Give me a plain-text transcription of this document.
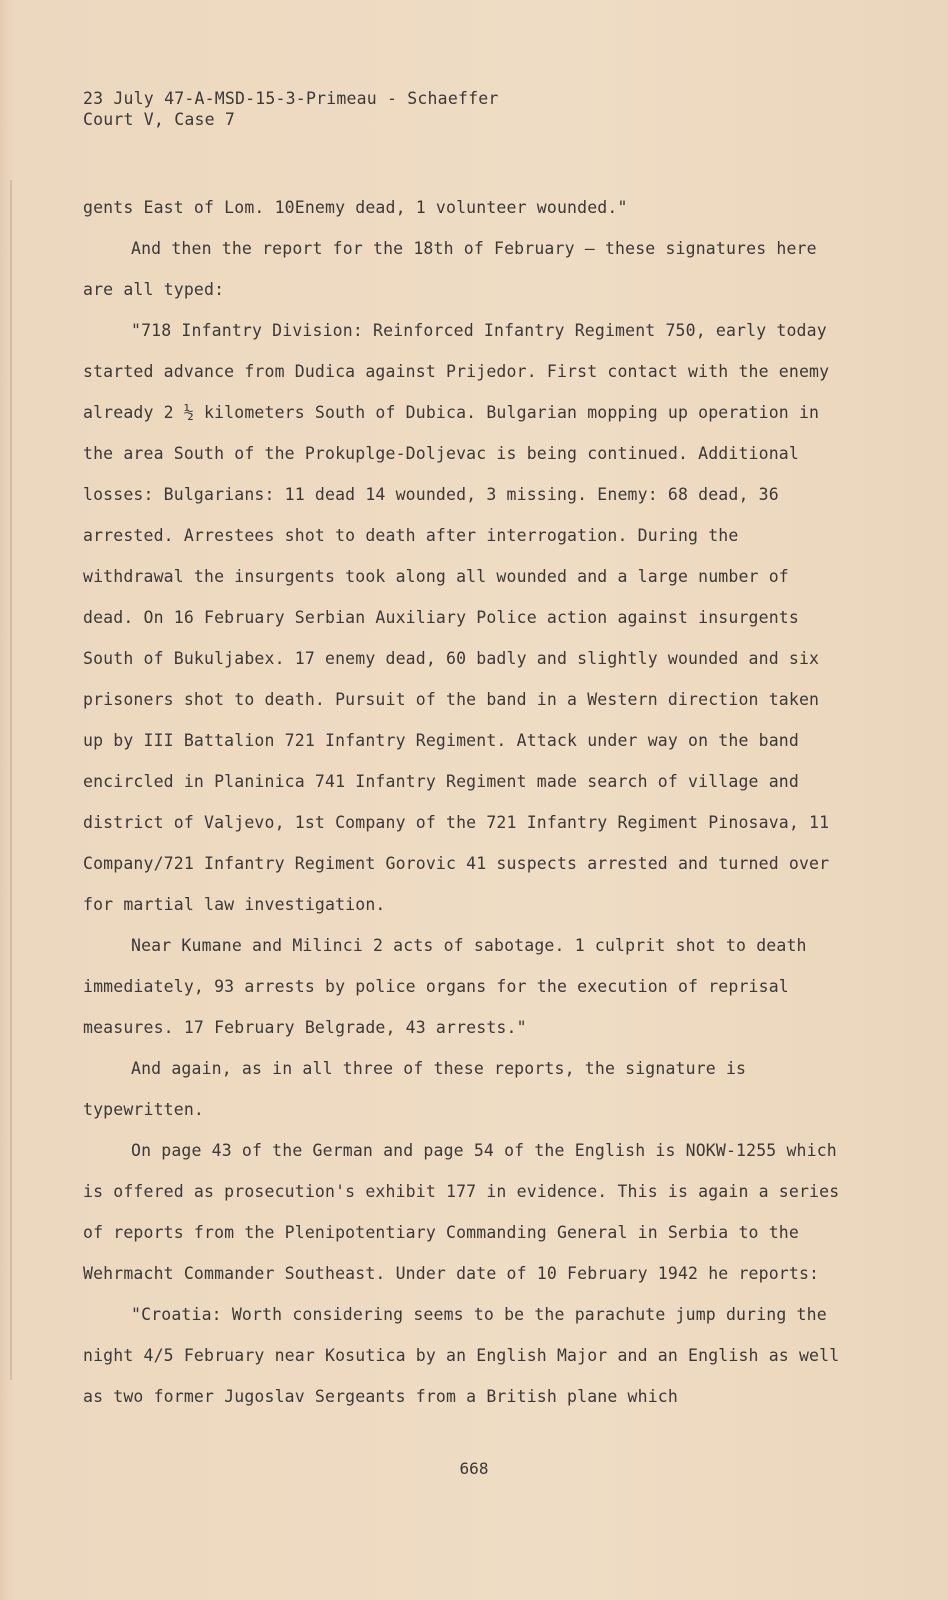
23 July 47-A-MSD-15-3-Primeau - Schaeffer
Court V, Case 7

gents East of Lom. 10Enemy dead, 1 volunteer wounded."

And then the report for the 18th of February — these signatures here are all typed:

"718 Infantry Division: Reinforced Infantry Regiment 750, early today started advance from Dudica against Prijedor. First contact with the enemy already 2 ½ kilometers South of Dubica. Bulgarian mopping up operation in the area South of the Prokuplge-Doljevac is being continued. Additional losses: Bulgarians: 11 dead 14 wounded, 3 missing. Enemy: 68 dead, 36 arrested. Arrestees shot to death after interrogation. During the withdrawal the insurgents took along all wounded and a large number of dead. On 16 February Serbian Auxiliary Police action against insurgents South of Bukuljabex. 17 enemy dead, 60 badly and slightly wounded and six prisoners shot to death. Pursuit of the band in a Western direction taken up by III Battalion 721 Infantry Regiment. Attack under way on the band encircled in Planinica 741 Infantry Regiment made search of village and district of Valjevo, 1st Company of the 721 Infantry Regiment Pinosava, 11 Company/721 Infantry Regiment Gorovic 41 suspects arrested and turned over for martial law investigation.

Near Kumane and Milinci 2 acts of sabotage. 1 culprit shot to death immediately, 93 arrests by police organs for the execution of reprisal measures. 17 February Belgrade, 43 arrests."

And again, as in all three of these reports, the signature is typewritten.

On page 43 of the German and page 54 of the English is NOKW-1255 which is offered as prosecution's exhibit 177 in evidence. This is again a series of reports from the Plenipotentiary Commanding General in Serbia to the Wehrmacht Commander Southeast. Under date of 10 February 1942 he reports:

"Croatia: Worth considering seems to be the parachute jump during the night 4/5 February near Kosutica by an English Major and an English as well as two former Jugoslav Sergeants from a British plane which

668
